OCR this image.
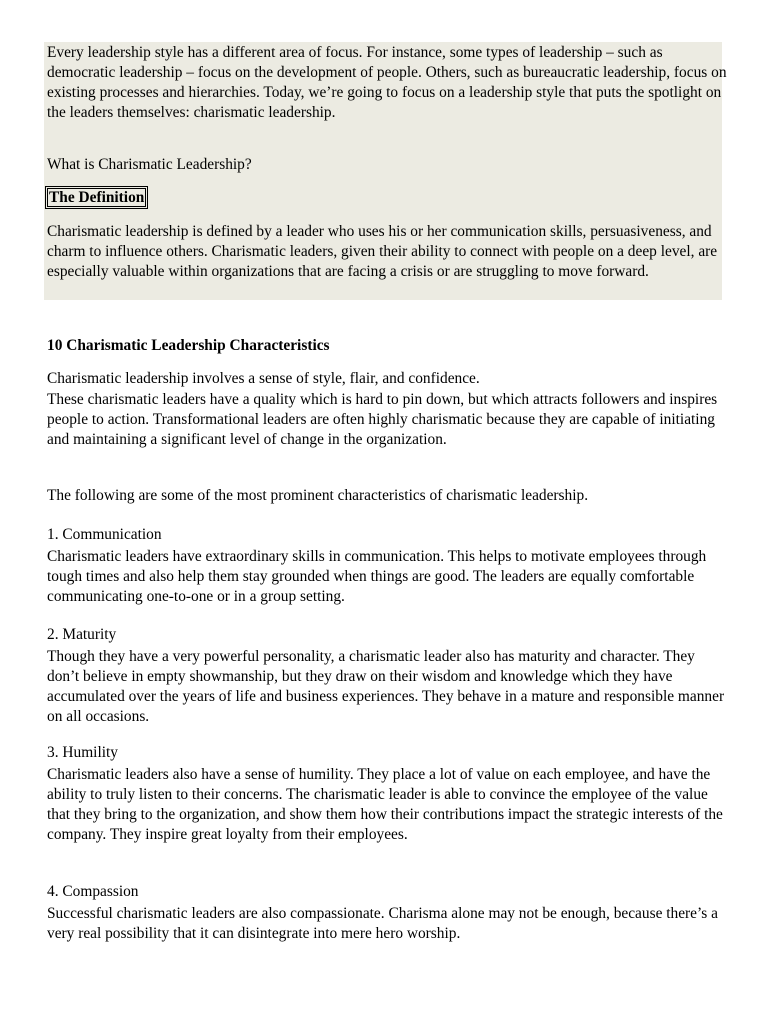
Every leadership style has a different area of focus. For instance, some types of leadership – such as democratic leadership – focus on the development of people. Others, such as bureaucratic leadership, focus on existing processes and hierarchies. Today, we’re going to focus on a leadership style that puts the spotlight on the leaders themselves: charismatic leadership.

What is Charismatic Leadership?

The Definition

Charismatic leadership is defined by a leader who uses his or her communication skills, persuasiveness, and charm to influence others. Charismatic leaders, given their ability to connect with people on a deep level, are especially valuable within organizations that are facing a crisis or are struggling to move forward.

10 Charismatic Leadership Characteristics

Charismatic leadership involves a sense of style, flair, and confidence.

These charismatic leaders have a quality which is hard to pin down, but which attracts followers and inspires people to action. Transformational leaders are often highly charismatic because they are capable of initiating and maintaining a significant level of change in the organization.

The following are some of the most prominent characteristics of charismatic leadership.

1. Communication

Charismatic leaders have extraordinary skills in communication. This helps to motivate employees through tough times and also help them stay grounded when things are good. The leaders are equally comfortable communicating one-to-one or in a group setting.

2. Maturity

Though they have a very powerful personality, a charismatic leader also has maturity and character. They don’t believe in empty showmanship, but they draw on their wisdom and knowledge which they have accumulated over the years of life and business experiences. They behave in a mature and responsible manner on all occasions.

3. Humility

Charismatic leaders also have a sense of humility. They place a lot of value on each employee, and have the ability to truly listen to their concerns. The charismatic leader is able to convince the employee of the value that they bring to the organization, and show them how their contributions impact the strategic interests of the company. They inspire great loyalty from their employees.

4. Compassion

Successful charismatic leaders are also compassionate. Charisma alone may not be enough, because there’s a very real possibility that it can disintegrate into mere hero worship.
